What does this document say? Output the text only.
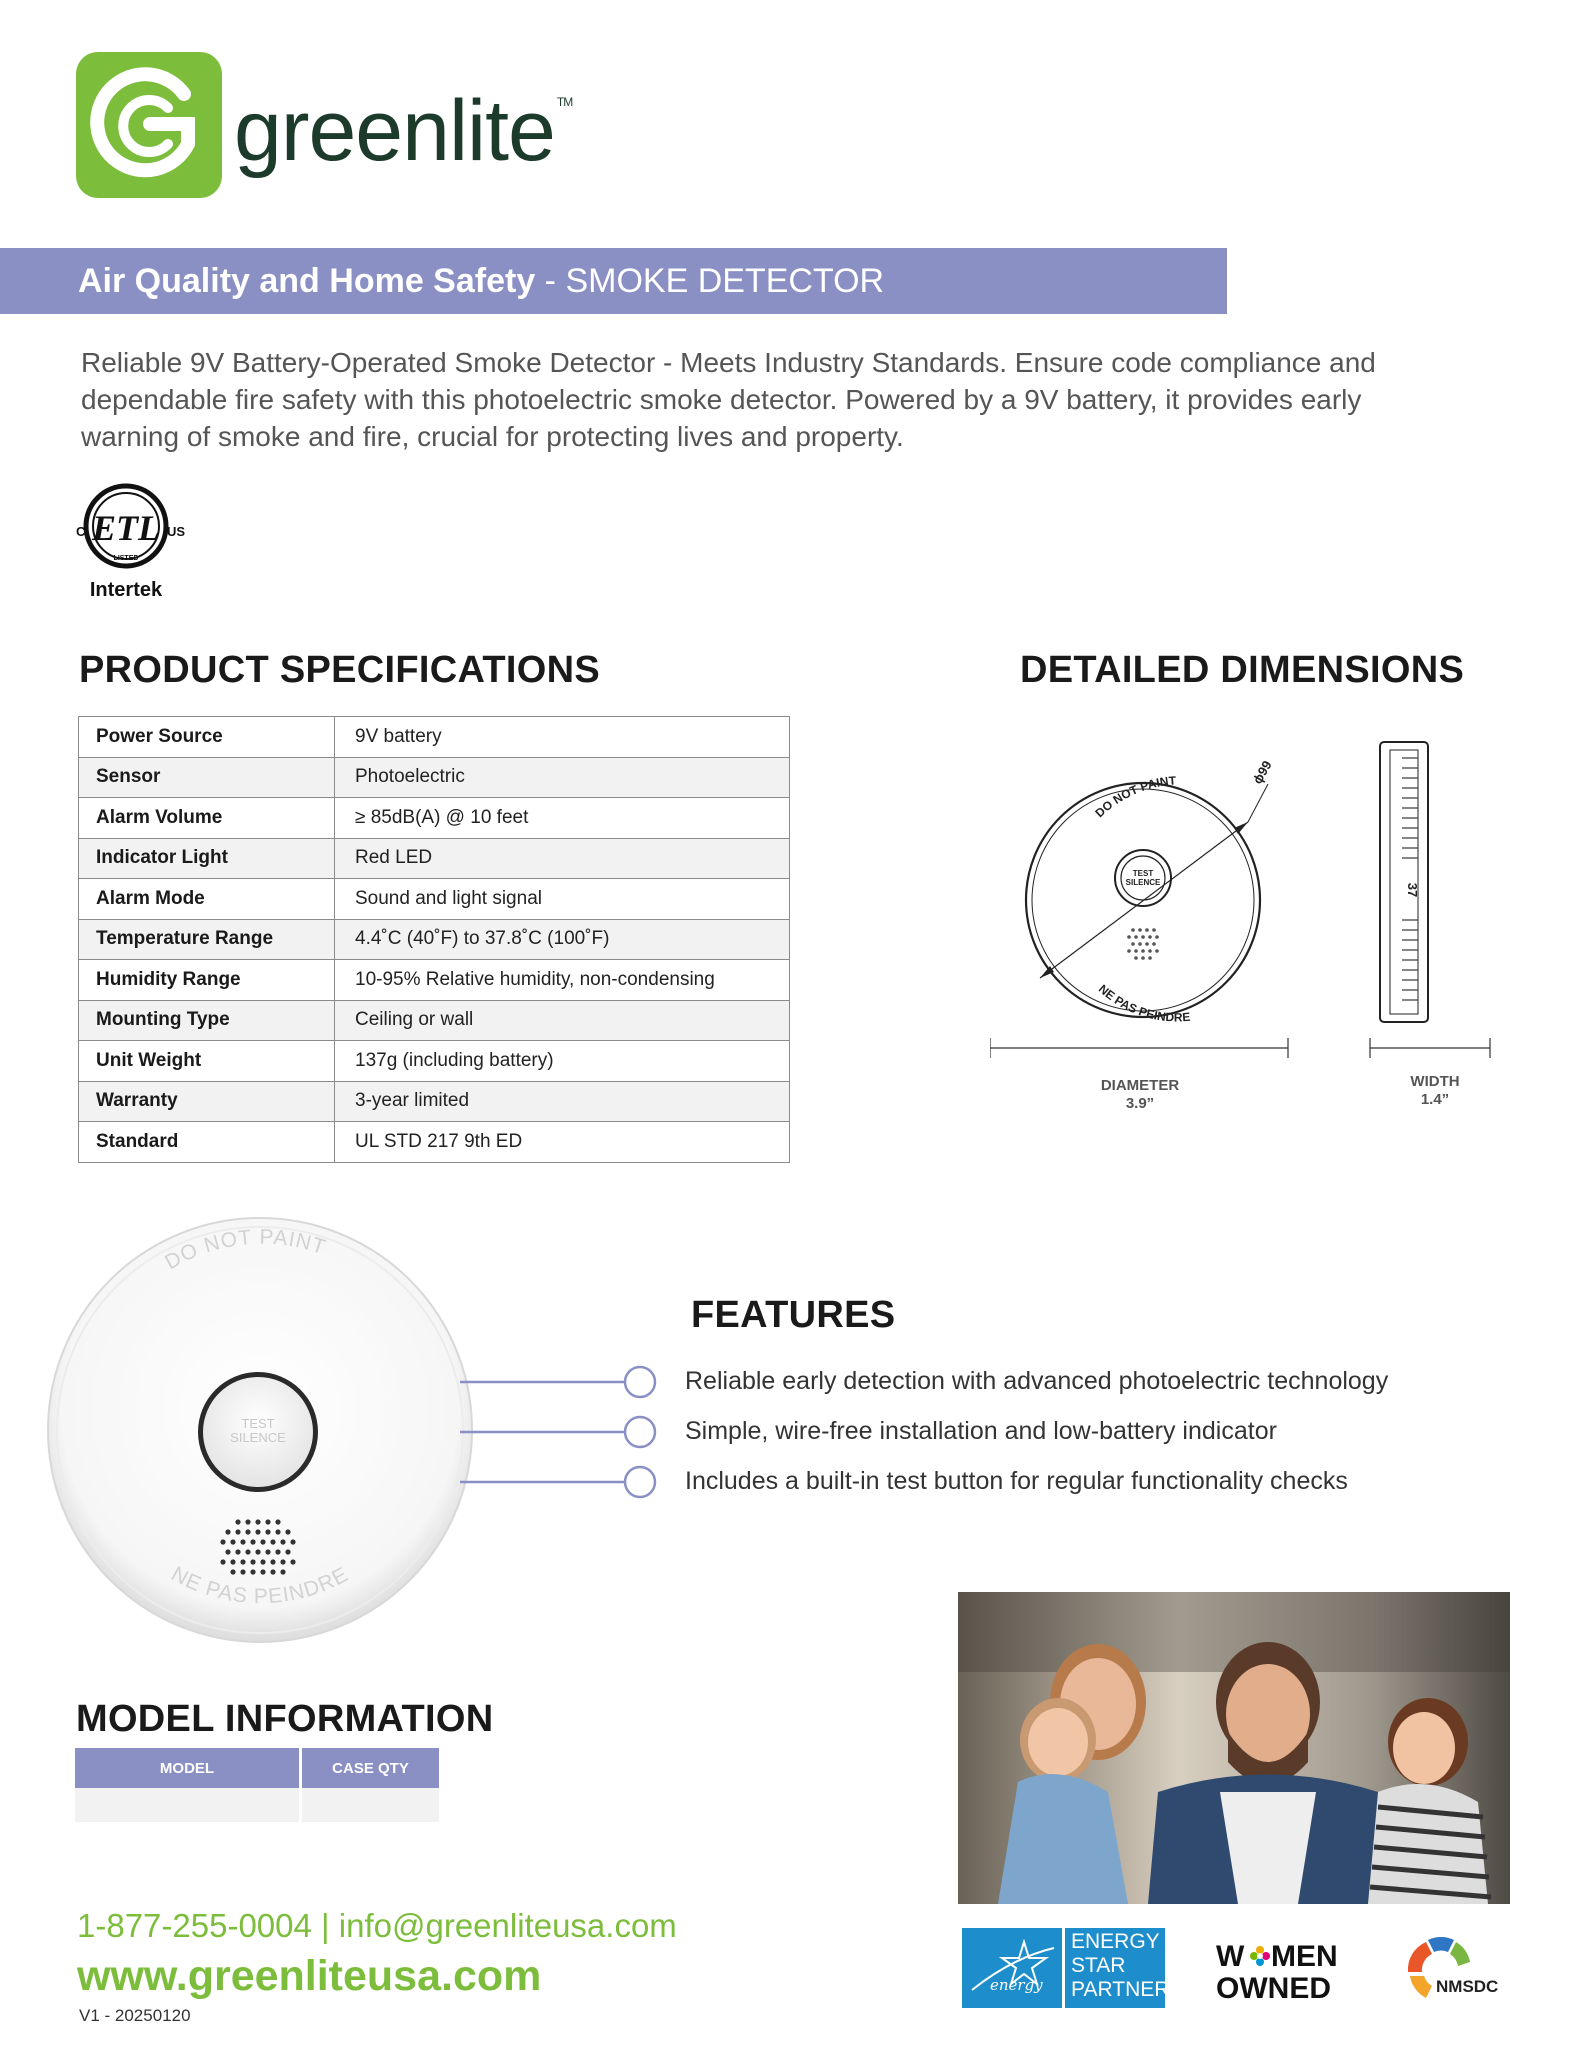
greenlite ™
Air Quality and Home Safety - SMOKE DETECTOR
Reliable 9V Battery-Operated Smoke Detector - Meets Industry Standards. Ensure code compliance and dependable fire safety with this photoelectric smoke detector. Powered by a 9V battery, it provides early warning of smoke and fire, crucial for protecting lives and property.
ETL
C	US
LISTED
Intertek
PRODUCT SPECIFICATIONS	DETAILED DIMENSIONS
Power Source	9V battery
Sensor	Photoelectric
Alarm Volume	≥ 85dB(A) @ 10 feet
Indicator Light	Red LED
Alarm Mode	Sound and light signal
Temperature Range	4.4˚C (40˚F) to 37.8˚C (100˚F)
Humidity Range	10-95% Relative humidity, non-condensing
Mounting Type	Ceiling or wall
Unit Weight	137g (including battery)
Warranty	3-year limited
Standard	UL STD 217 9th ED
TEST
SILENCE
DO NOT PAINT
NE PAS PEINDRE
ϕ99
37
DIAMETER
3.9”
WIDTH
1.4”
DO NOT PAINT
NE PAS PEINDRE
TEST
SILENCE
FEATURES
Reliable early detection with advanced photoelectric technology
Simple, wire-free installation and low-battery indicator
Includes a built-in test button for regular functionality checks
MODEL INFORMATION
MODEL	CASE QTY

1-877-255-0004 | info@greenliteusa.com
www.greenliteusa.com
V1 - 20250120
energy
ENERGY
STAR
PARTNER
W MEN
OWNED	NMSDC
